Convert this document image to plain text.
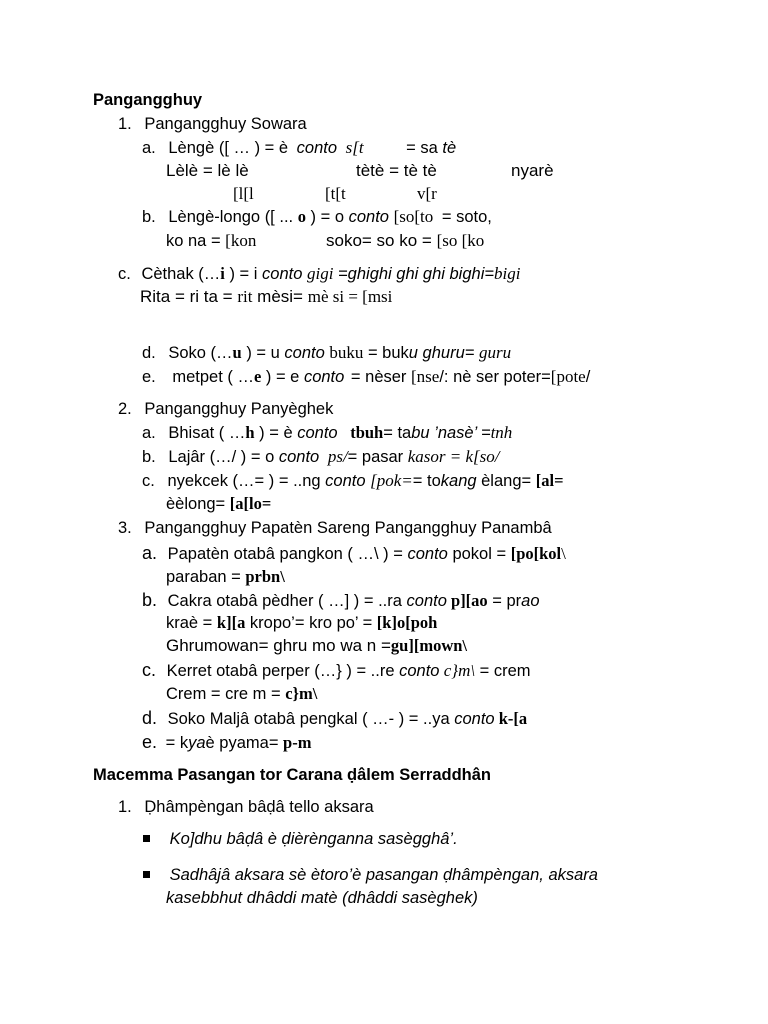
Pangangghuy
1. Pangangghuy Sowara
a. Lèngè ([ … ) = è conto s[t	= sa tè
Lèlè = lè lè	tètè = tè tè	nyarè
[l[l	[t[t	v[r
b. Lèngè-longo ([ ... o ) = o conto [so[to = soto,
ko na = [kon	soko= so ko = [so [ko
c. Cèthak (…i ) = i conto gigi =ghighi ghi ghi bighi=bigi
Rita = ri ta = rit mèsi= mè si = [msi
d. Soko (…u ) = u conto buku = buku ghuru= guru
e. metpet ( …e ) = e conto = nèser [nse/: nè ser poter=[pote/
2. Pangangghuy Panyèghek
a. Bhisat ( …h ) = è conto tbuh= tabu ’nasè’ =tnh
b. Lajâr (…/ ) = o conto ps/= pasar kasor = k[so/
c. nyekcek (…= ) = ..ng conto [pok== tokang èlang= [al=
èèlong= [a[lo=
3. Pangangghuy Papatèn Sareng Pangangghuy Panambâ
a. Papatèn otabâ pangkon ( …\ ) = conto pokol = [po[kol\
paraban = prbn\
b. Cakra otabâ pèdher ( …] ) = ..ra conto p][ao = prao
kraè = k][a kropo’= kro po’ = [k]o[poh
Ghrumowan= ghru mo wa n =gu][mown\
c. Kerret otabâ perper (…} ) = ..re conto c}m\ = crem
Crem = cre m = c}m\
d. Soko Maljâ otabâ pengkal ( …- ) = ..ya conto k-[a
e. = kyaè pyama= p-m
Macemma Pasangan tor Carana ḍâlem Serraddhân
1. Ḍhâmpèngan bâḍâ tello aksara
Ko]dhu bâḍâ è ḍièrènganna sasègghâ’.
Sadhâjâ aksara sè ètoro’è pasangan ḍhâmpèngan, aksara
kasebbhut dhâddi matè (dhâddi sasèghek)
